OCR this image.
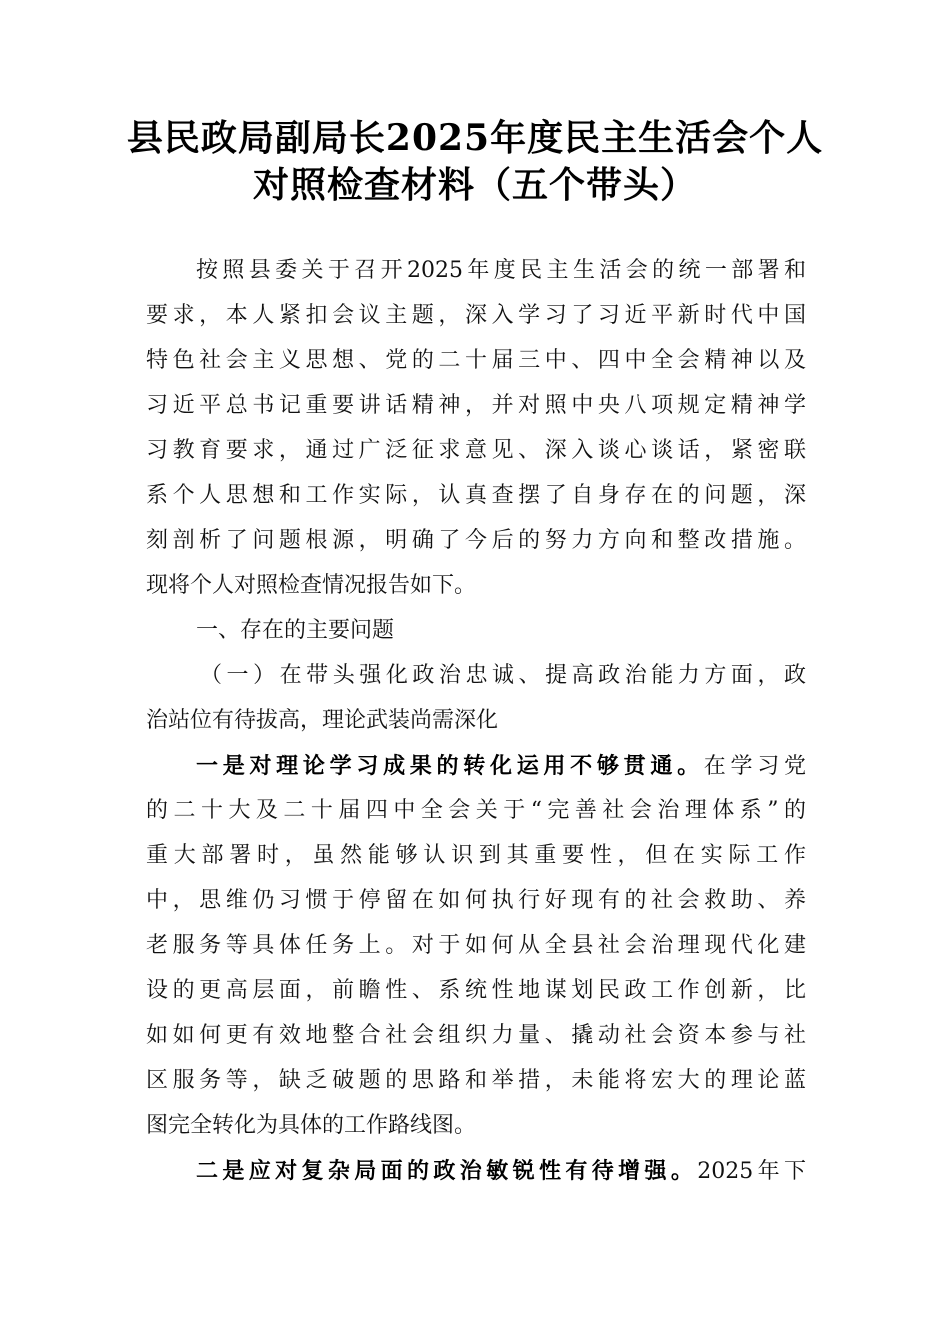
县民政局副局长2025年度民主生活会个人
对照检查材料（五个带头）
按照县委关于召开2025年度民主生活会的统一部署和
要求，本人紧扣会议主题，深入学习了习近平新时代中国
特色社会主义思想、党的二十届三中、四中全会精神以及
习近平总书记重要讲话精神，并对照中央八项规定精神学
习教育要求，通过广泛征求意见、深入谈心谈话，紧密联
系个人思想和工作实际，认真查摆了自身存在的问题，深
刻剖析了问题根源，明确了今后的努力方向和整改措施。
现将个人对照检查情况报告如下。
一、存在的主要问题
（一）在带头强化政治忠诚、提高政治能力方面，政
治站位有待拔高，理论武装尚需深化
一是对理论学习成果的转化运用不够贯通。在学习党
的二十大及二十届四中全会关于“完善社会治理体系”的
重大部署时，虽然能够认识到其重要性，但在实际工作
中，思维仍习惯于停留在如何执行好现有的社会救助、养
老服务等具体任务上。对于如何从全县社会治理现代化建
设的更高层面，前瞻性、系统性地谋划民政工作创新，比
如如何更有效地整合社会组织力量、撬动社会资本参与社
区服务等，缺乏破题的思路和举措，未能将宏大的理论蓝
图完全转化为具体的工作路线图。
二是应对复杂局面的政治敏锐性有待增强。2025年下
